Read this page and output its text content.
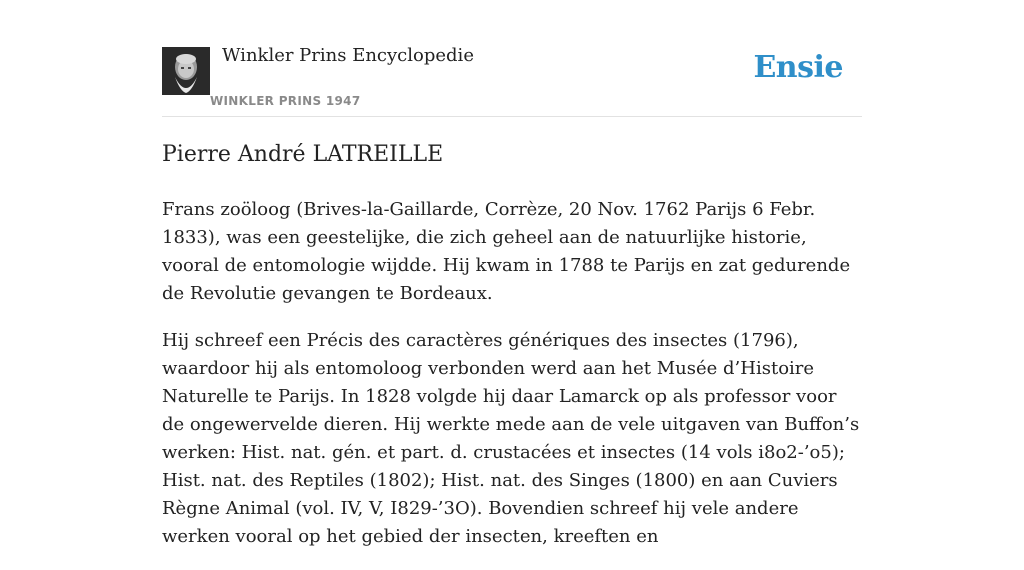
Winkler Prins Encyclopedie
WINKLER PRINS 1947
Ensie
Pierre André LATREILLE

Frans zoöloog (Brives-la-Gaillarde, Corrèze, 20 Nov. 1762 Parijs 6 Febr. 1833), was een geestelijke, die zich geheel aan de natuurlijke historie, vooral de entomologie wijdde. Hij kwam in 1788 te Parijs en zat gedurende de Revolutie gevangen te Bordeaux.

Hij schreef een Précis des caractères génériques des insectes (1796), waardoor hij als entomoloog verbonden werd aan het Musée d’Histoire Naturelle te Parijs. In 1828 volgde hij daar Lamarck op als professor voor de ongewervelde dieren. Hij werkte mede aan de vele uitgaven van Buffon’s werken: Hist. nat. gén. et part. d. crustacées et insectes (14 vols i8o2-’o5); Hist. nat. des Reptiles (1802); Hist. nat. des Singes (1800) en aan Cuviers Règne Animal (vol. IV, V, I829-’3O). Bovendien schreef hij vele andere werken vooral op het gebied der insecten, kreeften en
